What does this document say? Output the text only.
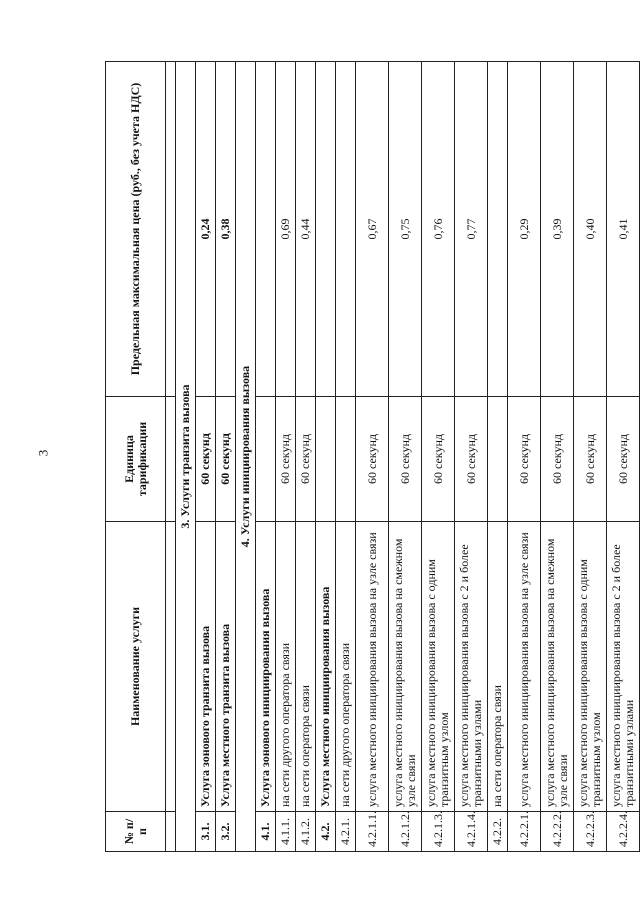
3
№ п/п	Наименование услуги	Единица тарификации	Предельная максимальная цена (руб., без учета НДС)

3. Услуги транзита вызова			
3.1.	Услуга зонового транзита вызова	60 секунд	0,24
3.2.	Услуга местного транзита вызова	60 секунд	0,38
4. Услуги инициирования вызова			
4.1.	Услуга зонового инициирования вызова		
4.1.1.	на сети другого оператора связи	60 секунд	0,69
4.1.2.	на сети оператора связи	60 секунд	0,44
4.2.	Услуга местного инициирования вызова		
4.2.1.	на сети другого оператора связи		
4.2.1.1.	услуга местного инициирования вызова на узле связи	60 секунд	0,67
4.2.1.2.	услуга местного инициирования вызова на смежном узле связи	60 секунд	0,75
4.2.1.3.	услуга местного инициирования вызова с одним транзитным узлом	60 секунд	0,76
4.2.1.4.	услуга местного инициирования вызова с 2 и более транзитными узлами	60 секунд	0,77
4.2.2.	на сети оператора связи		
4.2.2.1.	услуга местного инициирования вызова на узле связи	60 секунд	0,29
4.2.2.2.	услуга местного инициирования вызова на смежном узле связи	60 секунд	0,39
4.2.2.3.	услуга местного инициирования вызова с одним транзитным узлом	60 секунд	0,40
4.2.2.4.	услуга местного инициирования вызова с 2 и более транзитными узлами	60 секунд	0,41
